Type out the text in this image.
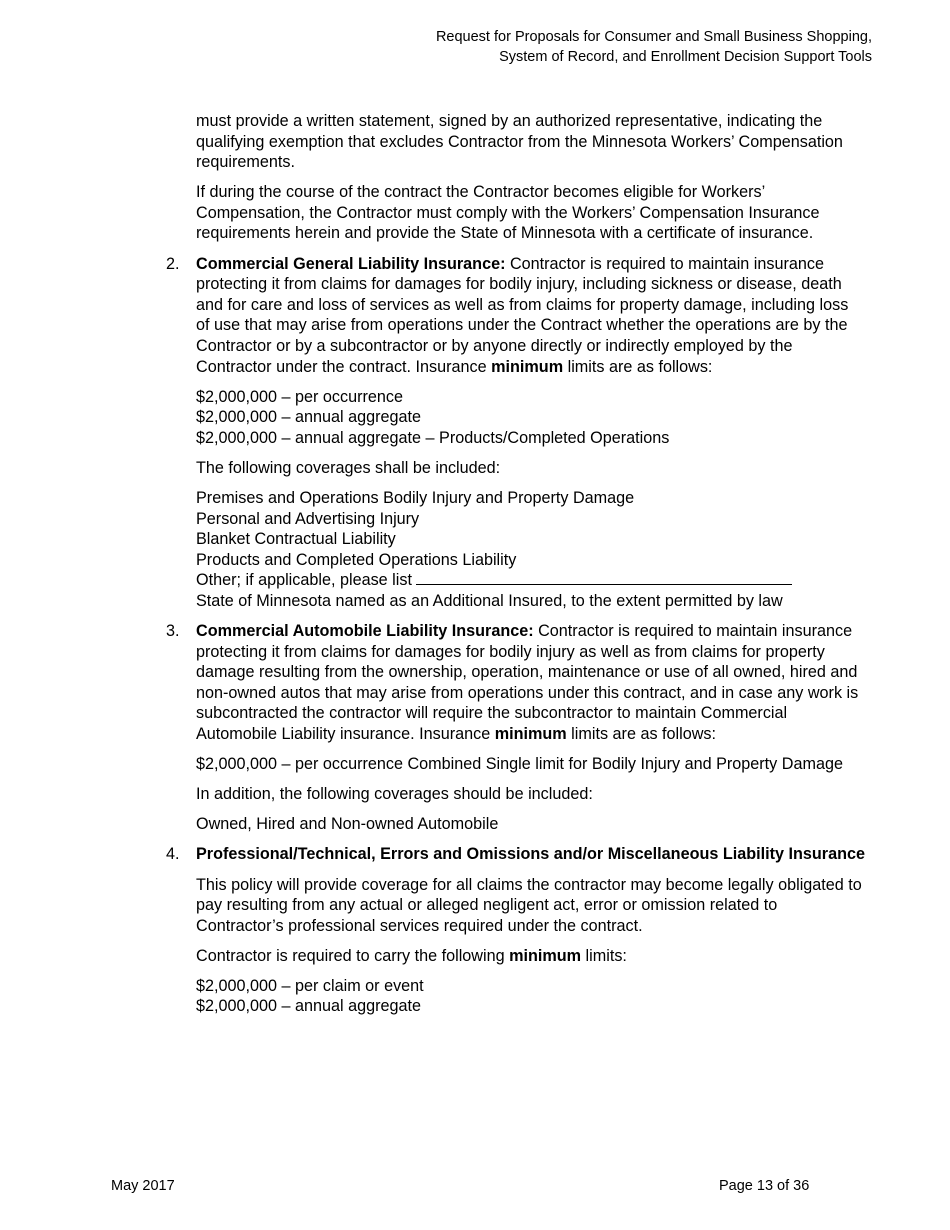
Request for Proposals for Consumer and Small Business Shopping,
System of Record, and Enrollment Decision Support Tools

must provide a written statement, signed by an authorized representative, indicating the qualifying exemption that excludes Contractor from the Minnesota Workers’ Compensation requirements.

If during the course of the contract the Contractor becomes eligible for Workers’ Compensation, the Contractor must comply with the Workers’ Compensation Insurance requirements herein and provide the State of Minnesota with a certificate of insurance.

2. Commercial General Liability Insurance: Contractor is required to maintain insurance protecting it from claims for damages for bodily injury, including sickness or disease, death and for care and loss of services as well as from claims for property damage, including loss of use that may arise from operations under the Contract whether the operations are by the Contractor or by a subcontractor or by anyone directly or indirectly employed by the Contractor under the contract. Insurance minimum limits are as follows:

$2,000,000 – per occurrence
$2,000,000 – annual aggregate
$2,000,000 – annual aggregate – Products/Completed Operations

The following coverages shall be included:

Premises and Operations Bodily Injury and Property Damage
Personal and Advertising Injury
Blanket Contractual Liability
Products and Completed Operations Liability
Other; if applicable, please list
State of Minnesota named as an Additional Insured, to the extent permitted by law

3. Commercial Automobile Liability Insurance: Contractor is required to maintain insurance protecting it from claims for damages for bodily injury as well as from claims for property damage resulting from the ownership, operation, maintenance or use of all owned, hired and non-owned autos that may arise from operations under this contract, and in case any work is subcontracted the contractor will require the subcontractor to maintain Commercial Automobile Liability insurance. Insurance minimum limits are as follows:

$2,000,000 – per occurrence Combined Single limit for Bodily Injury and Property Damage

In addition, the following coverages should be included:

Owned, Hired and Non-owned Automobile

4. Professional/Technical, Errors and Omissions and/or Miscellaneous Liability Insurance

This policy will provide coverage for all claims the contractor may become legally obligated to pay resulting from any actual or alleged negligent act, error or omission related to Contractor’s professional services required under the contract.

Contractor is required to carry the following minimum limits:

$2,000,000 – per claim or event
$2,000,000 – annual aggregate

May 2017	Page 13 of 36
